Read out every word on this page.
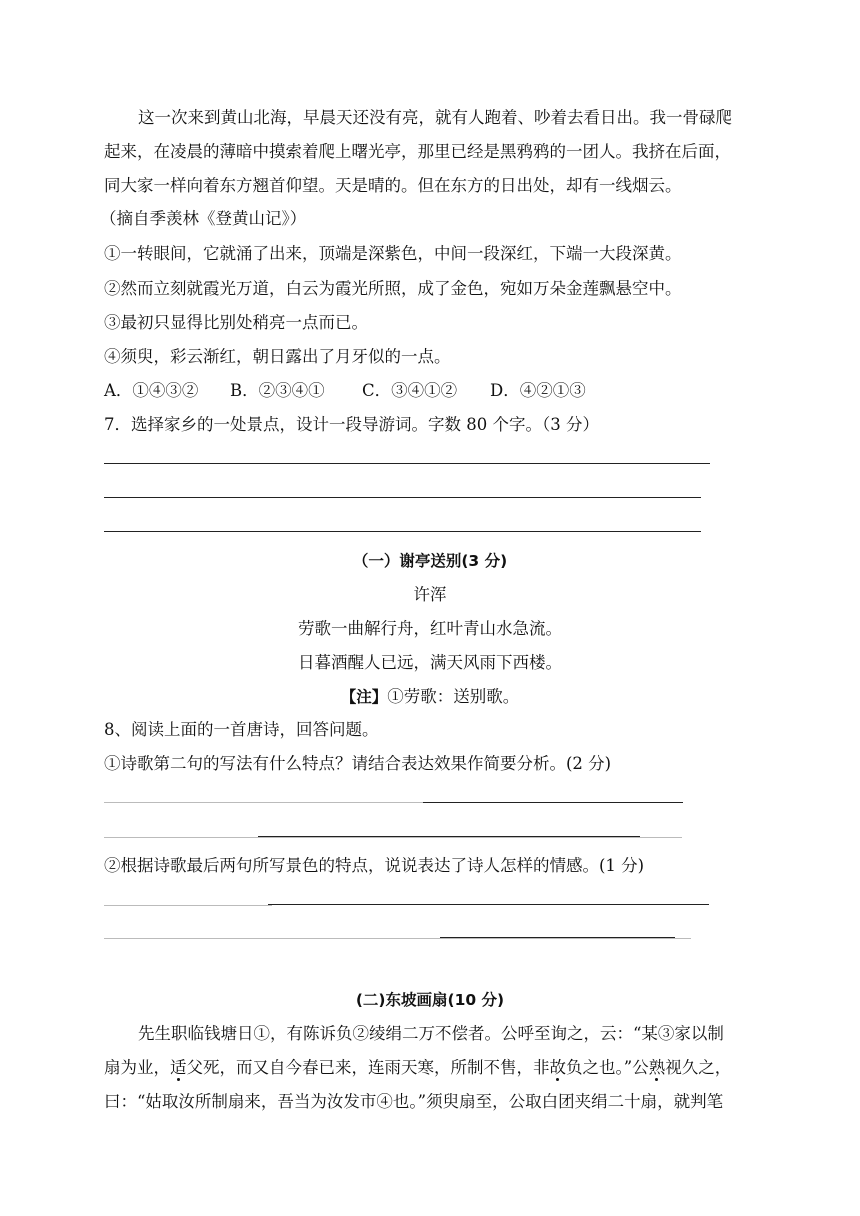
这一次来到黄山北海，早晨天还没有亮，就有人跑着、吵着去看日出。我一骨碌爬
起来，在凌晨的薄暗中摸索着爬上曙光亭，那里已经是黑鸦鸦的一团人。我挤在后面，
同大家一样向着东方翘首仰望。天是晴的。但在东方的日出处，却有一线烟云。
（摘自季羡林《登黄山记》）
①一转眼间，它就涌了出来，顶端是深紫色，中间一段深红，下端一大段深黄。
②然而立刻就霞光万道，白云为霞光所照，成了金色，宛如万朵金莲飘悬空中。
③最初只显得比别处稍亮一点而已。
④须臾，彩云渐红，朝日露出了月牙似的一点。
A．①④③② B．②③④① C．③④①② D．④②①③
7．选择家乡的一处景点，设计一段导游词。字数 80 个字。（3 分）
（一）谢亭送别(3 分)
许浑
劳歌一曲解行舟，红叶青山水急流。
日暮酒醒人已远，满天风雨下西楼。
【注】①劳歌：送别歌。
8、阅读上面的一首唐诗，回答问题。
①诗歌第二句的写法有什么特点？请结合表达效果作简要分析。(2 分)
②根据诗歌最后两句所写景色的特点，说说表达了诗人怎样的情感。(1 分)
(二)东坡画扇(10 分)
先生职临钱塘日①，有陈诉负②绫绢二万不偿者。公呼至询之，云：“某③家以制
扇为业，适父死，而又自今春已来，连雨天寒，所制不售，非故负之也。”公熟视久之，
曰：“姑取汝所制扇来，吾当为汝发市④也。”须臾扇至，公取白团夹绢二十扇，就判笔
